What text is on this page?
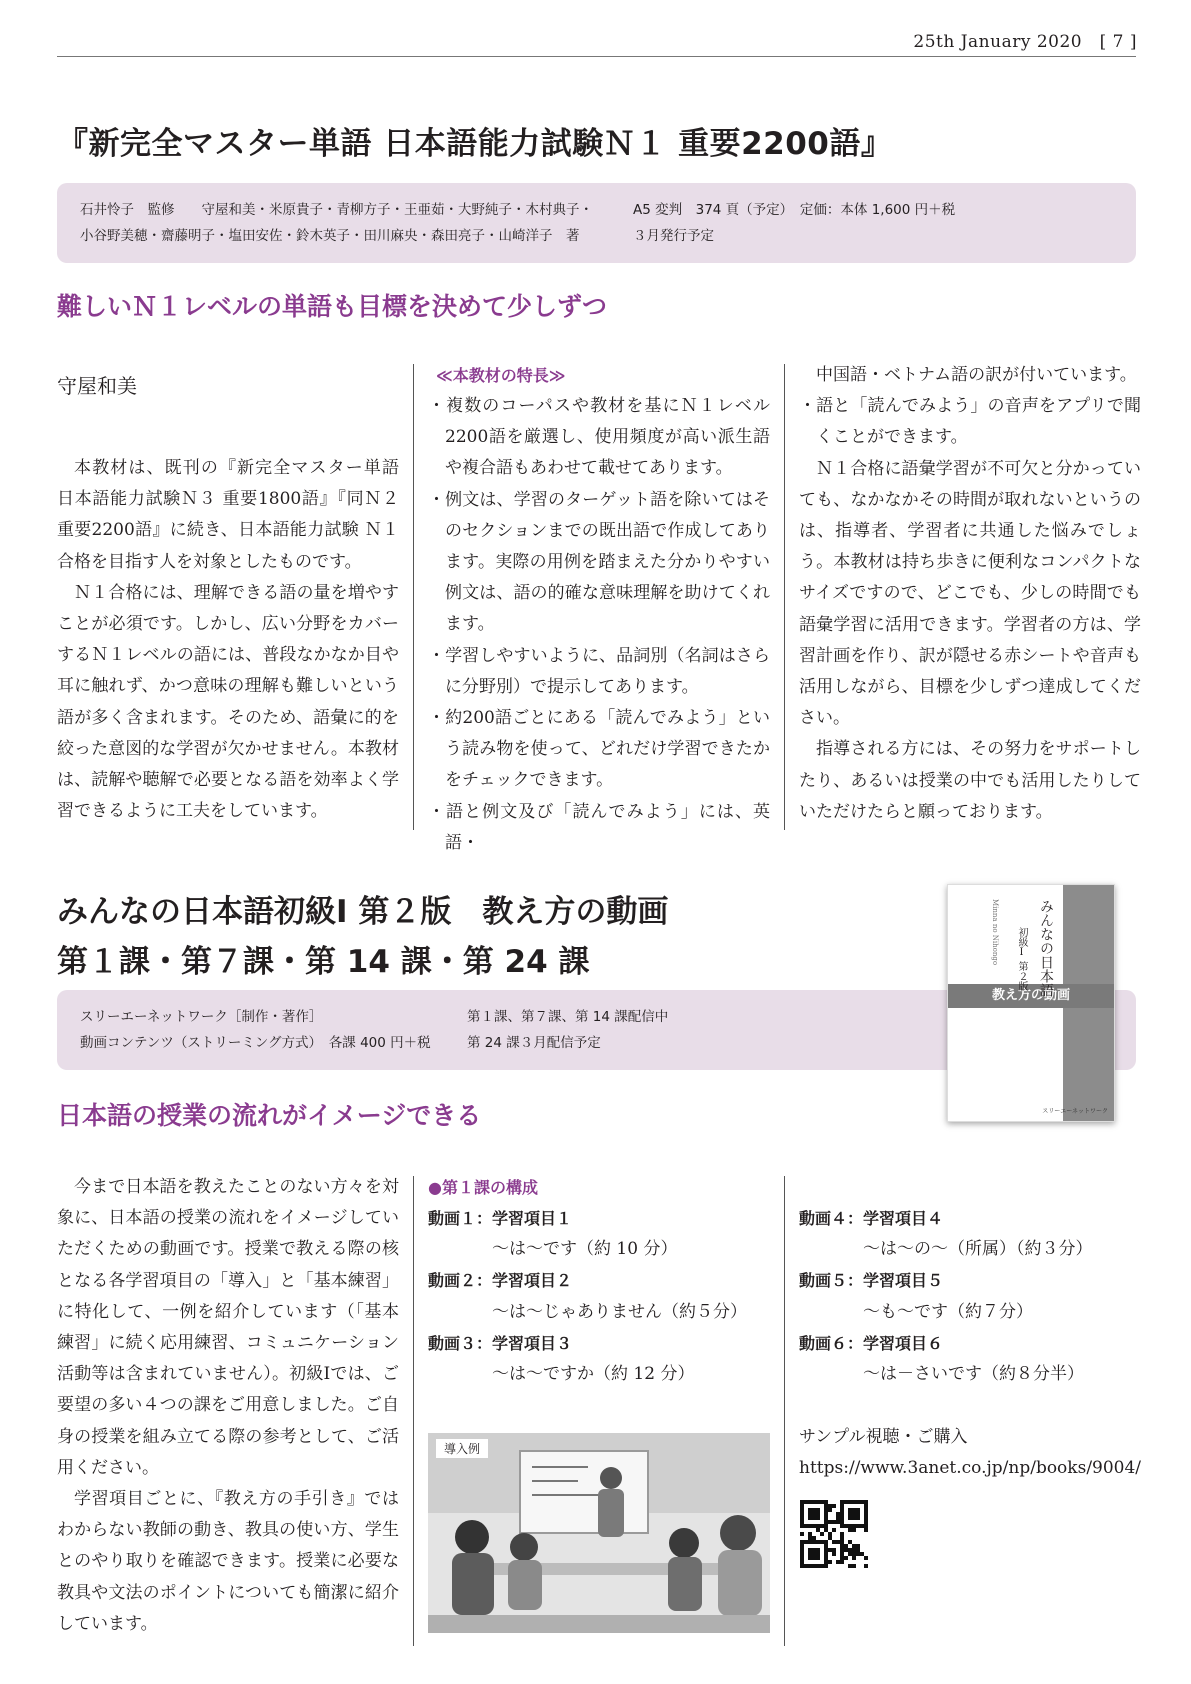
25th January 2020　[ 7 ]
『新完全マスター単語 日本語能力試験Ｎ１ 重要2200語』
石井怜子　監修　　守屋和美・米原貴子・青柳方子・王亜茹・大野純子・木村典子・
小谷野美穂・齋藤明子・塩田安佐・鈴木英子・田川麻央・森田亮子・山崎洋子　著
A5 変判　374 頁（予定）　定価：本体 1,600 円＋税
３月発行予定
難しいＮ１レベルの単語も目標を決めて少しずつ
守屋和美

本教材は、既刊の『新完全マスター単語 日本語能力試験Ｎ３ 重要1800語』『同Ｎ２ 重要2200語』に続き、日本語能力試験 Ｎ１合格を目指す人を対象としたものです。

Ｎ１合格には、理解できる語の量を増やすことが必須です。しかし、広い分野をカバーするＮ１レベルの語には、普段なかなか目や耳に触れず、かつ意味の理解も難しいという語が多く含まれます。そのため、語彙に的を絞った意図的な学習が欠かせません。本教材は、読解や聴解で必要となる語を効率よく学習できるように工夫をしています。

≪本教材の特長≫

・複数のコーパスや教材を基にＮ１レベル2200語を厳選し、使用頻度が高い派生語や複合語もあわせて載せてあります。

・例文は、学習のターゲット語を除いてはそのセクションまでの既出語で作成してあります。実際の用例を踏まえた分かりやすい例文は、語の的確な意味理解を助けてくれます。

・学習しやすいように、品詞別（名詞はさらに分野別）で提示してあります。

・約200語ごとにある「読んでみよう」という読み物を使って、どれだけ学習できたかをチェックできます。

・語と例文及び「読んでみよう」には、英語・

中国語・ベトナム語の訳が付いています。

・語と「読んでみよう」の音声をアプリで聞くことができます。

Ｎ１合格に語彙学習が不可欠と分かっていても、なかなかその時間が取れないというのは、指導者、学習者に共通した悩みでしょう。本教材は持ち歩きに便利なコンパクトなサイズですので、どこでも、少しの時間でも語彙学習に活用できます。学習者の方は、学習計画を作り、訳が隠せる赤シートや音声も活用しながら、目標を少しずつ達成してください。

指導される方には、その努力をサポートしたり、あるいは授業の中でも活用したりしていただけたらと願っております。

みんなの日本語初級Ⅰ 第２版　教え方の動画
第１課・第７課・第 14 課・第 24 課
スリーエーネットワーク［制作・著作］
動画コンテンツ（ストリーミング方式）　各課 400 円＋税
第１課、第７課、第 14 課配信中
第 24 課３月配信予定
教え方の動画
みんなの日本語
初級Ⅰ 第２版
Minna no Nihongo
スリーエーネットワーク
日本語の授業の流れがイメージできる

今まで日本語を教えたことのない方々を対象に、日本語の授業の流れをイメージしていただくための動画です。授業で教える際の核となる各学習項目の「導入」と「基本練習」に特化して、一例を紹介しています（「基本練習」に続く応用練習、コミュニケーション活動等は含まれていません）。初級Ⅰでは、ご要望の多い４つの課をご用意しました。ご自身の授業を組み立てる際の参考として、ご活用ください。

学習項目ごとに、『教え方の手引き』ではわからない教師の動き、教具の使い方、学生とのやり取りを確認できます。授業に必要な教具や文法のポイントについても簡潔に紹介しています。

●第１課の構成
動画１：学習項目１
〜は〜です（約 10 分）
動画２：学習項目２
〜は〜じゃありません（約５分）
動画３：学習項目３
〜は〜ですか（約 12 分）
導入例
動画４：学習項目４
〜は〜の〜（所属）（約３分）
動画５：学習項目５
〜も〜です（約７分）
動画６：学習項目６
〜は－さいです（約８分半）
サンプル視聴・ご購入
https://www.3anet.co.jp/np/books/9004/
